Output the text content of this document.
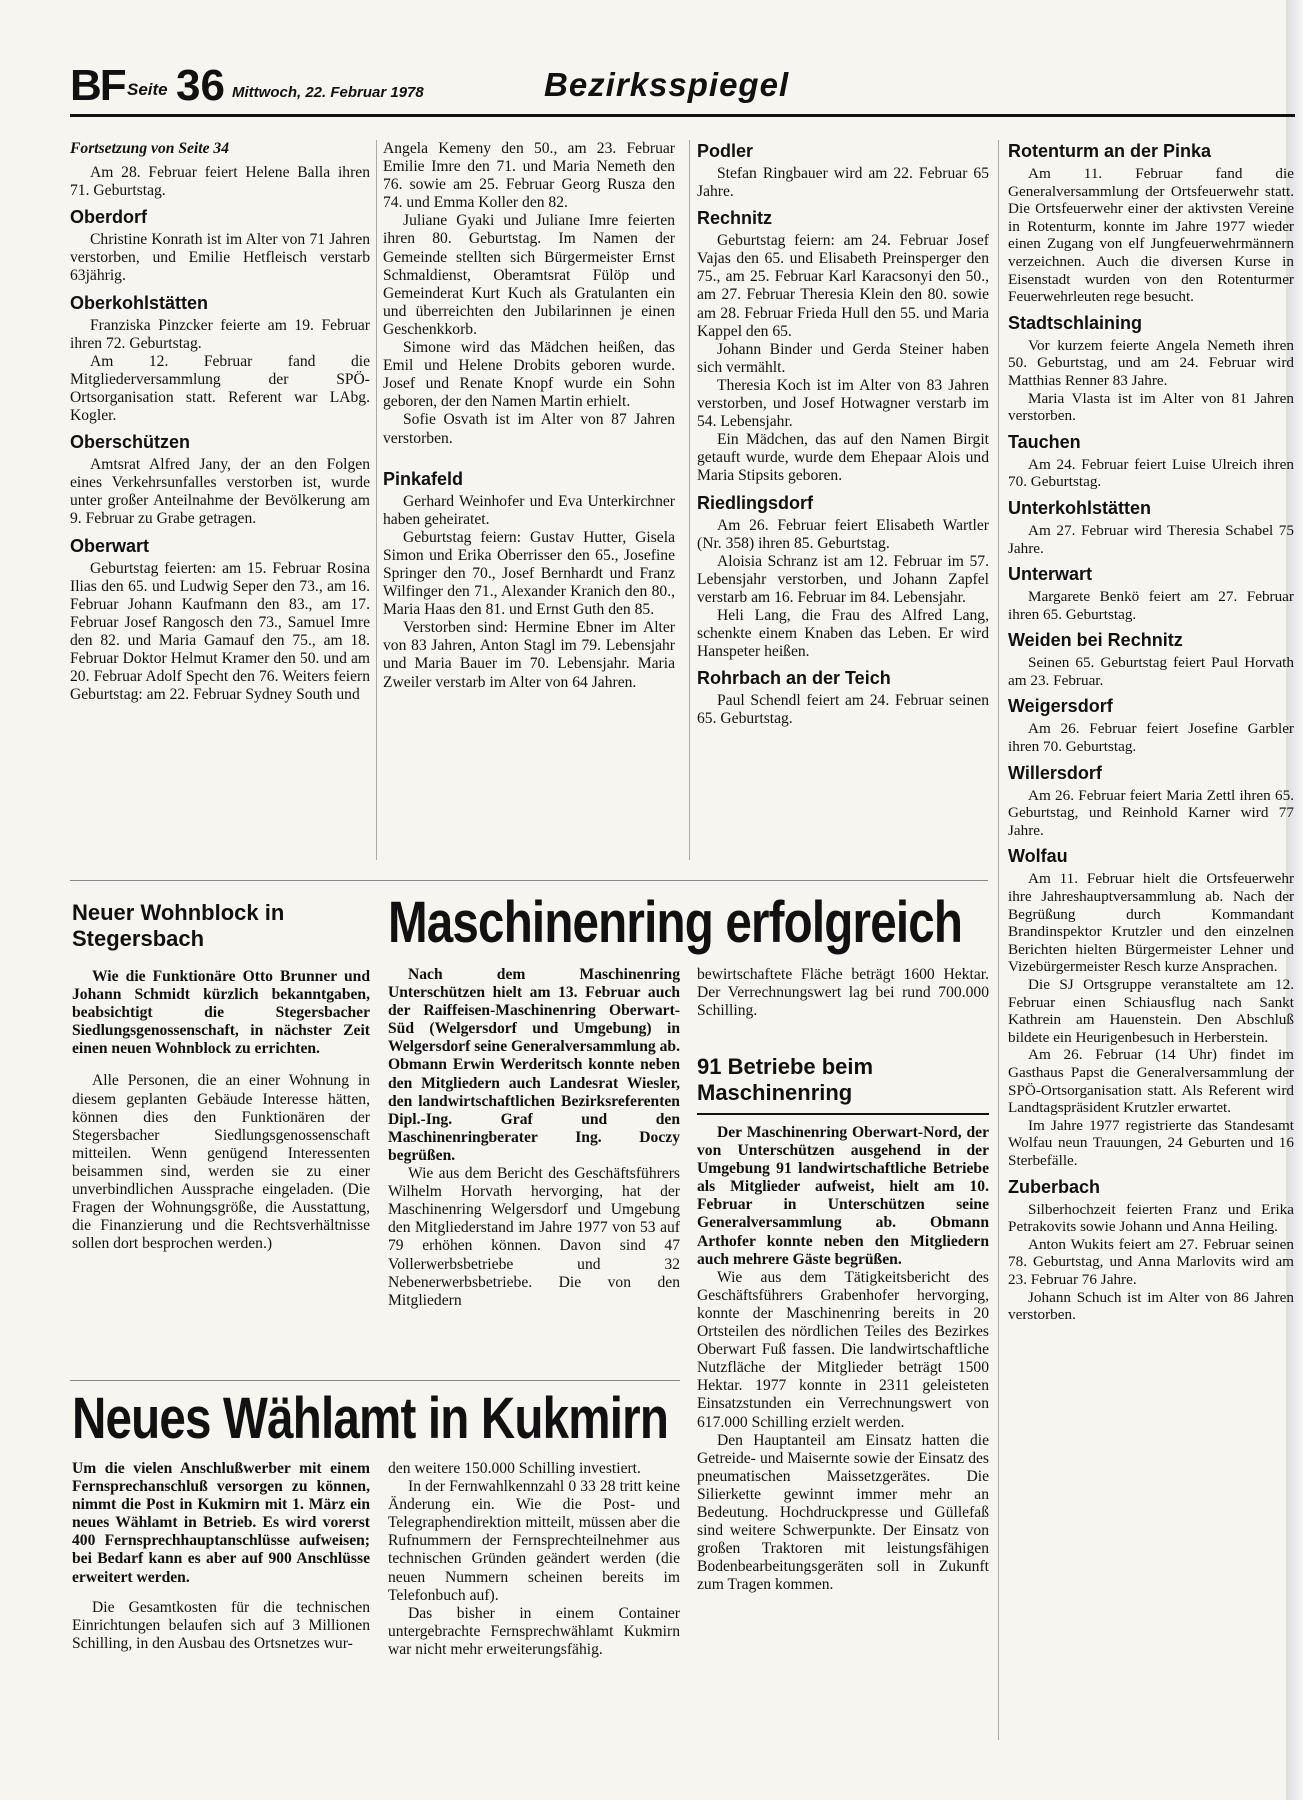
BF Seite 36 Mittwoch, 22. Februar 1978	Bezirksspiegel

Fortsetzung von Seite 34

Am 28. Februar feiert Helene Balla ihren 71. Geburtstag.

Oberdorf

Christine Konrath ist im Alter von 71 Jahren verstorben, und Emilie Hetfleisch verstarb 63jährig.

Oberkohlstätten

Franziska Pinzcker feierte am 19. Februar ihren 72. Geburtstag.

Am 12. Februar fand die Mitgliederversammlung der SPÖ-Ortsorganisation statt. Referent war LAbg. Kogler.

Oberschützen

Amtsrat Alfred Jany, der an den Folgen eines Verkehrsunfalles verstorben ist, wurde unter großer Anteilnahme der Bevölkerung am 9. Februar zu Grabe getragen.

Oberwart

Geburtstag feierten: am 15. Februar Rosina Ilias den 65. und Ludwig Seper den 73., am 16. Februar Johann Kaufmann den 83., am 17. Februar Josef Rangosch den 73., Samuel Imre den 82. und Maria Gamauf den 75., am 18. Februar Doktor Helmut Kramer den 50. und am 20. Februar Adolf Specht den 76. Weiters feiern Geburtstag: am 22. Februar Sydney South und

Angela Kemeny den 50., am 23. Februar Emilie Imre den 71. und Maria Nemeth den 76. sowie am 25. Februar Georg Rusza den 74. und Emma Koller den 82.

Juliane Gyaki und Juliane Imre feierten ihren 80. Geburtstag. Im Namen der Gemeinde stellten sich Bürgermeister Ernst Schmaldienst, Oberamtsrat Fülöp und Gemeinderat Kurt Kuch als Gratulanten ein und überreichten den Jubilarinnen je einen Geschenkkorb.

Simone wird das Mädchen heißen, das Emil und Helene Drobits geboren wurde. Josef und Renate Knopf wurde ein Sohn geboren, der den Namen Martin erhielt.

Sofie Osvath ist im Alter von 87 Jahren verstorben.

Pinkafeld

Gerhard Weinhofer und Eva Unterkirchner haben geheiratet.

Geburtstag feiern: Gustav Hutter, Gisela Simon und Erika Oberrisser den 65., Josefine Springer den 70., Josef Bernhardt und Franz Wilfinger den 71., Alexander Kranich den 80., Maria Haas den 81. und Ernst Guth den 85.

Verstorben sind: Hermine Ebner im Alter von 83 Jahren, Anton Stagl im 79. Lebensjahr und Maria Bauer im 70. Lebensjahr. Maria Zweiler verstarb im Alter von 64 Jahren.

Podler

Stefan Ringbauer wird am 22. Februar 65 Jahre.

Rechnitz

Geburtstag feiern: am 24. Februar Josef Vajas den 65. und Elisabeth Preinsperger den 75., am 25. Februar Karl Karacsonyi den 50., am 27. Februar Theresia Klein den 80. sowie am 28. Februar Frieda Hull den 55. und Maria Kappel den 65.

Johann Binder und Gerda Steiner haben sich vermählt.

Theresia Koch ist im Alter von 83 Jahren verstorben, und Josef Hotwagner verstarb im 54. Lebensjahr.

Ein Mädchen, das auf den Namen Birgit getauft wurde, wurde dem Ehepaar Alois und Maria Stipsits geboren.

Riedlingsdorf

Am 26. Februar feiert Elisabeth Wartler (Nr. 358) ihren 85. Geburtstag.

Aloisia Schranz ist am 12. Februar im 57. Lebensjahr verstorben, und Johann Zapfel verstarb am 16. Februar im 84. Lebensjahr.

Heli Lang, die Frau des Alfred Lang, schenkte einem Knaben das Leben. Er wird Hanspeter heißen.

Rohrbach an der Teich

Paul Schendl feiert am 24. Februar seinen 65. Geburtstag.

Rotenturm an der Pinka

Am 11. Februar fand die Generalversammlung der Ortsfeuerwehr statt. Die Ortsfeuerwehr einer der aktivsten Vereine in Rotenturm, konnte im Jahre 1977 wieder einen Zugang von elf Jungfeuerwehrmännern verzeichnen. Auch die diversen Kurse in Eisenstadt wurden von den Rotenturmer Feuerwehrleuten rege besucht.

Stadtschlaining

Vor kurzem feierte Angela Nemeth ihren 50. Geburtstag, und am 24. Februar wird Matthias Renner 83 Jahre.

Maria Vlasta ist im Alter von 81 Jahren verstorben.

Tauchen

Am 24. Februar feiert Luise Ulreich ihren 70. Geburtstag.

Unterkohlstätten

Am 27. Februar wird Theresia Schabel 75 Jahre.

Unterwart

Margarete Benkö feiert am 27. Februar ihren 65. Geburtstag.

Weiden bei Rechnitz

Seinen 65. Geburtstag feiert Paul Horvath am 23. Februar.

Weigersdorf

Am 26. Februar feiert Josefine Garbler ihren 70. Geburtstag.

Willersdorf

Am 26. Februar feiert Maria Zettl ihren 65. Geburtstag, und Reinhold Karner wird 77 Jahre.

Wolfau

Am 11. Februar hielt die Ortsfeuerwehr ihre Jahreshauptversammlung ab. Nach der Begrüßung durch Kommandant Brandinspektor Krutzler und den einzelnen Berichten hielten Bürgermeister Lehner und Vizebürgermeister Resch kurze Ansprachen.

Die SJ Ortsgruppe veranstaltete am 12. Februar einen Schiausflug nach Sankt Kathrein am Hauenstein. Den Abschluß bildete ein Heurigenbesuch in Herberstein.

Am 26. Februar (14 Uhr) findet im Gasthaus Papst die Generalversammlung der SPÖ-Ortsorganisation statt. Als Referent wird Landtagspräsident Krutzler erwartet.

Im Jahre 1977 registrierte das Standesamt Wolfau neun Trauungen, 24 Geburten und 16 Sterbefälle.

Zuberbach

Silberhochzeit feierten Franz und Erika Petrakovits sowie Johann und Anna Heiling.

Anton Wukits feiert am 27. Februar seinen 78. Geburtstag, und Anna Marlovits wird am 23. Februar 76 Jahre.

Johann Schuch ist im Alter von 86 Jahren verstorben.

Neuer Wohnblock in Stegersbach

Wie die Funktionäre Otto Brunner und Johann Schmidt kürzlich bekanntgaben, beabsichtigt die Stegersbacher Siedlungsgenossenschaft, in nächster Zeit einen neuen Wohnblock zu errichten.

Alle Personen, die an einer Wohnung in diesem geplanten Gebäude Interesse hätten, können dies den Funktionären der Stegersbacher Siedlungsgenossenschaft mitteilen. Wenn genügend Interessenten beisammen sind, werden sie zu einer unverbindlichen Aussprache eingeladen. (Die Fragen der Wohnungsgröße, die Ausstattung, die Finanzierung und die Rechtsverhältnisse sollen dort besprochen werden.)

Maschinenring erfolgreich

Nach dem Maschinenring Unterschützen hielt am 13. Februar auch der Raiffeisen-Maschinenring Oberwart-Süd (Welgersdorf und Umgebung) in Welgersdorf seine Generalversammlung ab. Obmann Erwin Werderitsch konnte neben den Mitgliedern auch Landesrat Wiesler, den landwirtschaftlichen Bezirksreferenten Dipl.-Ing. Graf und den Maschinenringberater Ing. Doczy begrüßen.

Wie aus dem Bericht des Geschäftsführers Wilhelm Horvath hervorging, hat der Maschinenring Welgersdorf und Umgebung den Mitgliederstand im Jahre 1977 von 53 auf 79 erhöhen können. Davon sind 47 Vollerwerbsbetriebe und 32 Nebenerwerbsbetriebe. Die von den Mitgliedern

bewirtschaftete Fläche beträgt 1600 Hektar. Der Verrechnungswert lag bei rund 700.000 Schilling.

91 Betriebe beim Maschinenring

Der Maschinenring Oberwart-Nord, der von Unterschützen ausgehend in der Umgebung 91 landwirtschaftliche Betriebe als Mitglieder aufweist, hielt am 10. Februar in Unterschützen seine Generalversammlung ab. Obmann Arthofer konnte neben den Mitgliedern auch mehrere Gäste begrüßen.

Wie aus dem Tätigkeitsbericht des Geschäftsführers Grabenhofer hervorging, konnte der Maschinenring bereits in 20 Ortsteilen des nördlichen Teiles des Bezirkes Oberwart Fuß fassen. Die landwirtschaftliche Nutzfläche der Mitglieder beträgt 1500 Hektar. 1977 konnte in 2311 geleisteten Einsatzstunden ein Verrechnungswert von 617.000 Schilling erzielt werden.

Den Hauptanteil am Einsatz hatten die Getreide- und Maisernte sowie der Einsatz des pneumatischen Maissetzgerätes. Die Silierkette gewinnt immer mehr an Bedeutung. Hochdruckpresse und Güllefaß sind weitere Schwerpunkte. Der Einsatz von großen Traktoren mit leistungsfähigen Bodenbearbeitungsgeräten soll in Zukunft zum Tragen kommen.

Neues Wählamt in Kukmirn

Um die vielen Anschlußwerber mit einem Fernsprechanschluß versorgen zu können, nimmt die Post in Kukmirn mit 1. März ein neues Wählamt in Betrieb. Es wird vorerst 400 Fernsprechhauptanschlüsse aufweisen; bei Bedarf kann es aber auf 900 Anschlüsse erweitert werden.

Die Gesamtkosten für die technischen Einrichtungen belaufen sich auf 3 Millionen Schilling, in den Ausbau des Ortsnetzes wur-

den weitere 150.000 Schilling investiert.

In der Fernwahlkennzahl 0 33 28 tritt keine Änderung ein. Wie die Post- und Telegraphendirektion mitteilt, müssen aber die Rufnummern der Fernsprechteilnehmer aus technischen Gründen geändert werden (die neuen Nummern scheinen bereits im Telefonbuch auf).

Das bisher in einem Container untergebrachte Fernsprechwählamt Kukmirn war nicht mehr erweiterungsfähig.
